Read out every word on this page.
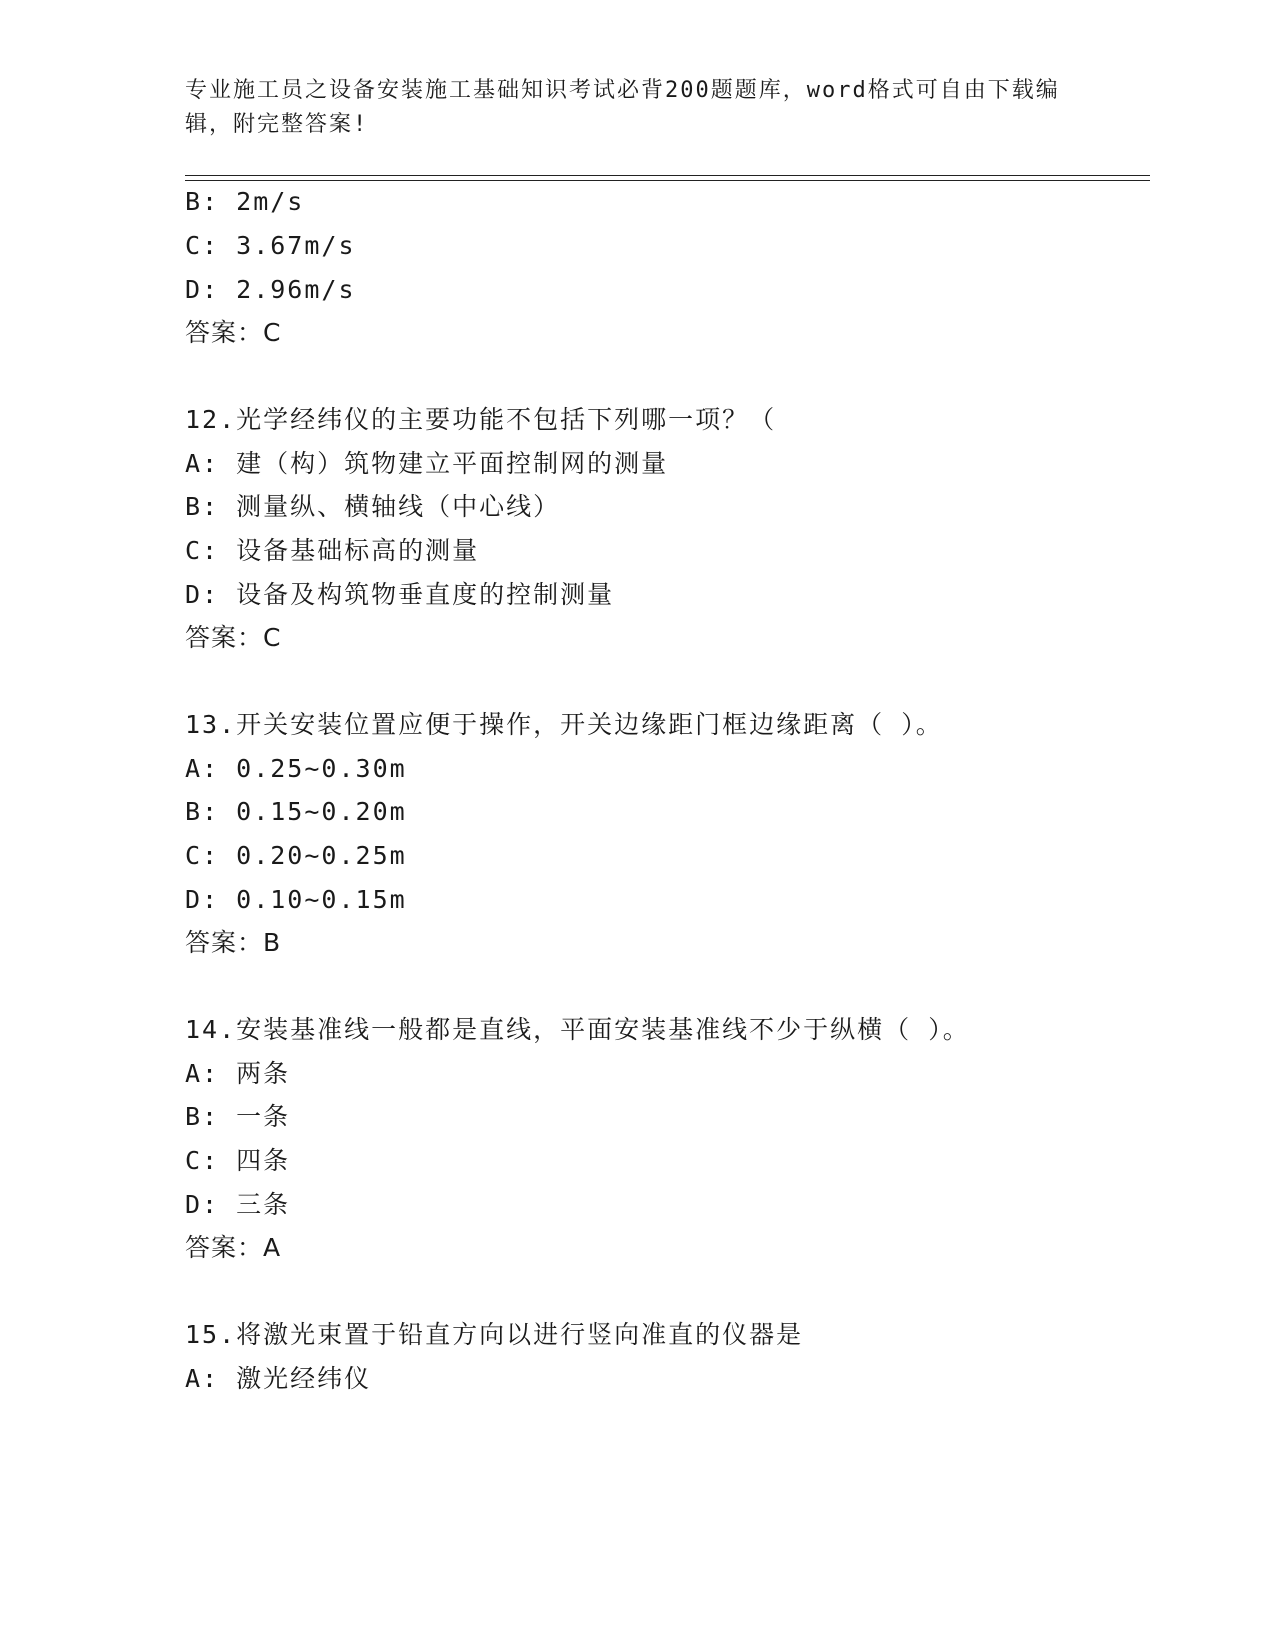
专业施工员之设备安装施工基础知识考试必背200题题库，word格式可自由下载编辑，附完整答案!
B: 2m/s
C: 3.67m/s
D: 2.96m/s
答案：C
12.光学经纬仪的主要功能不包括下列哪一项？（
A: 建（构）筑物建立平面控制网的测量
B: 测量纵、横轴线（中心线）
C: 设备基础标高的测量
D: 设备及构筑物垂直度的控制测量
答案：C
13.开关安装位置应便于操作，开关边缘距门框边缘距离（ ）。
A: 0.25~0.30m
B: 0.15~0.20m
C: 0.20~0.25m
D: 0.10~0.15m
答案：B
14.安装基准线一般都是直线，平面安装基准线不少于纵横（ ）。
A: 两条
B: 一条
C: 四条
D: 三条
答案：A
15.将激光束置于铅直方向以进行竖向准直的仪器是
A: 激光经纬仪
